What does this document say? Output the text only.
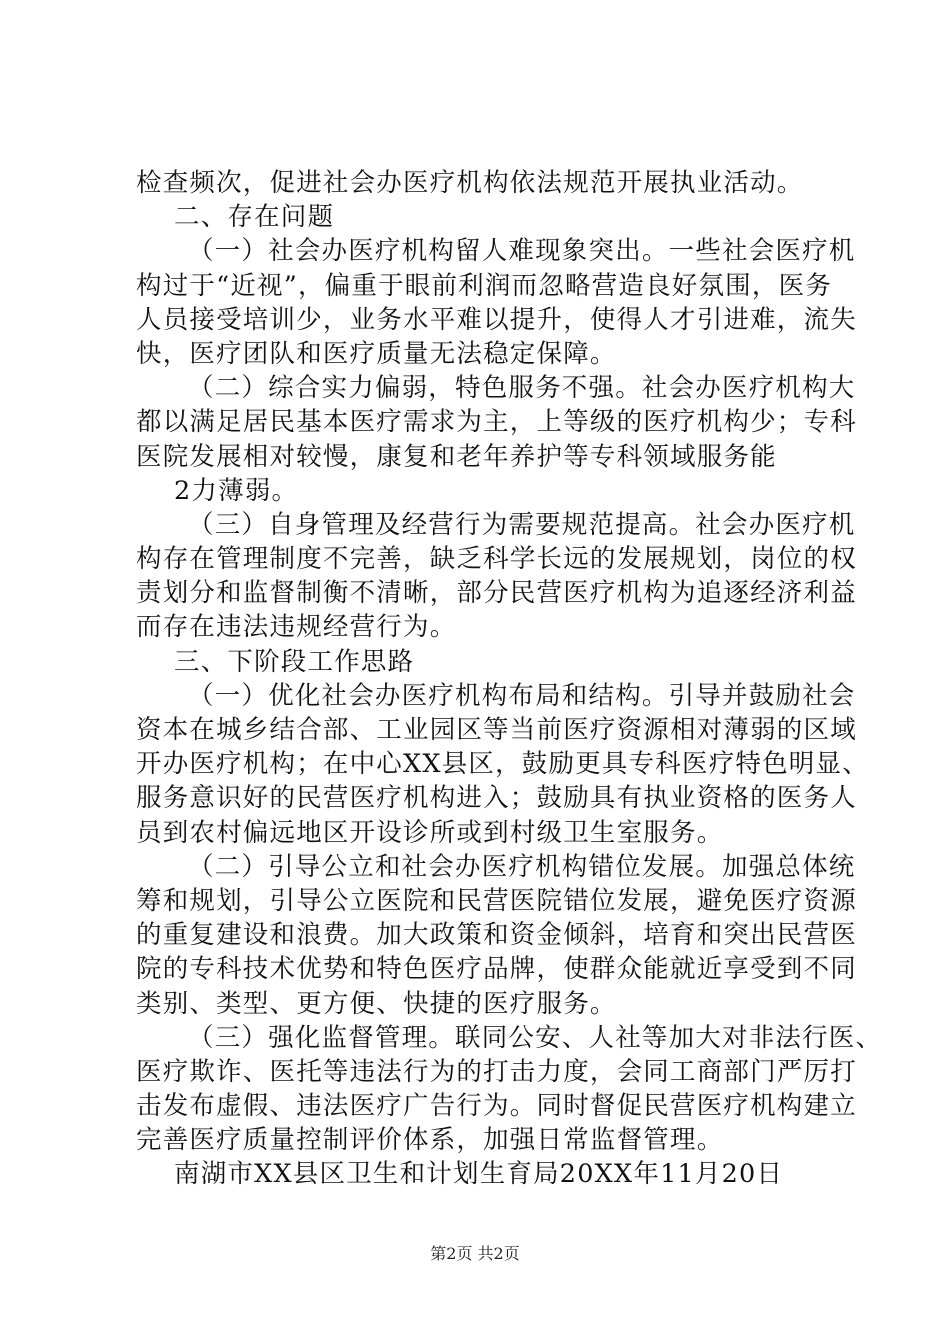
检查频次，促进社会办医疗机构依法规范开展执业活动。
二、存在问题
（一）社会办医疗机构留人难现象突出。一些社会医疗机
构过于“近视”，偏重于眼前利润而忽略营造良好氛围，医务
人员接受培训少，业务水平难以提升，使得人才引进难，流失
快，医疗团队和医疗质量无法稳定保障。
（二）综合实力偏弱，特色服务不强。社会办医疗机构大
都以满足居民基本医疗需求为主，上等级的医疗机构少；专科
医院发展相对较慢，康复和老年养护等专科领域服务能
2力薄弱。
（三）自身管理及经营行为需要规范提高。社会办医疗机
构存在管理制度不完善，缺乏科学长远的发展规划，岗位的权
责划分和监督制衡不清晰，部分民营医疗机构为追逐经济利益
而存在违法违规经营行为。
三、下阶段工作思路
（一）优化社会办医疗机构布局和结构。引导并鼓励社会
资本在城乡结合部、工业园区等当前医疗资源相对薄弱的区域
开办医疗机构；在中心XX县区，鼓励更具专科医疗特色明显、
服务意识好的民营医疗机构进入；鼓励具有执业资格的医务人
员到农村偏远地区开设诊所或到村级卫生室服务。
（二）引导公立和社会办医疗机构错位发展。加强总体统
筹和规划，引导公立医院和民营医院错位发展，避免医疗资源
的重复建设和浪费。加大政策和资金倾斜，培育和突出民营医
院的专科技术优势和特色医疗品牌，使群众能就近享受到不同
类别、类型、更方便、快捷的医疗服务。
（三）强化监督管理。联同公安、人社等加大对非法行医、
医疗欺诈、医托等违法行为的打击力度，会同工商部门严厉打
击发布虚假、违法医疗广告行为。同时督促民营医疗机构建立
完善医疗质量控制评价体系，加强日常监督管理。
南湖市XX县区卫生和计划生育局20XX年11月20日
第2页 共2页
